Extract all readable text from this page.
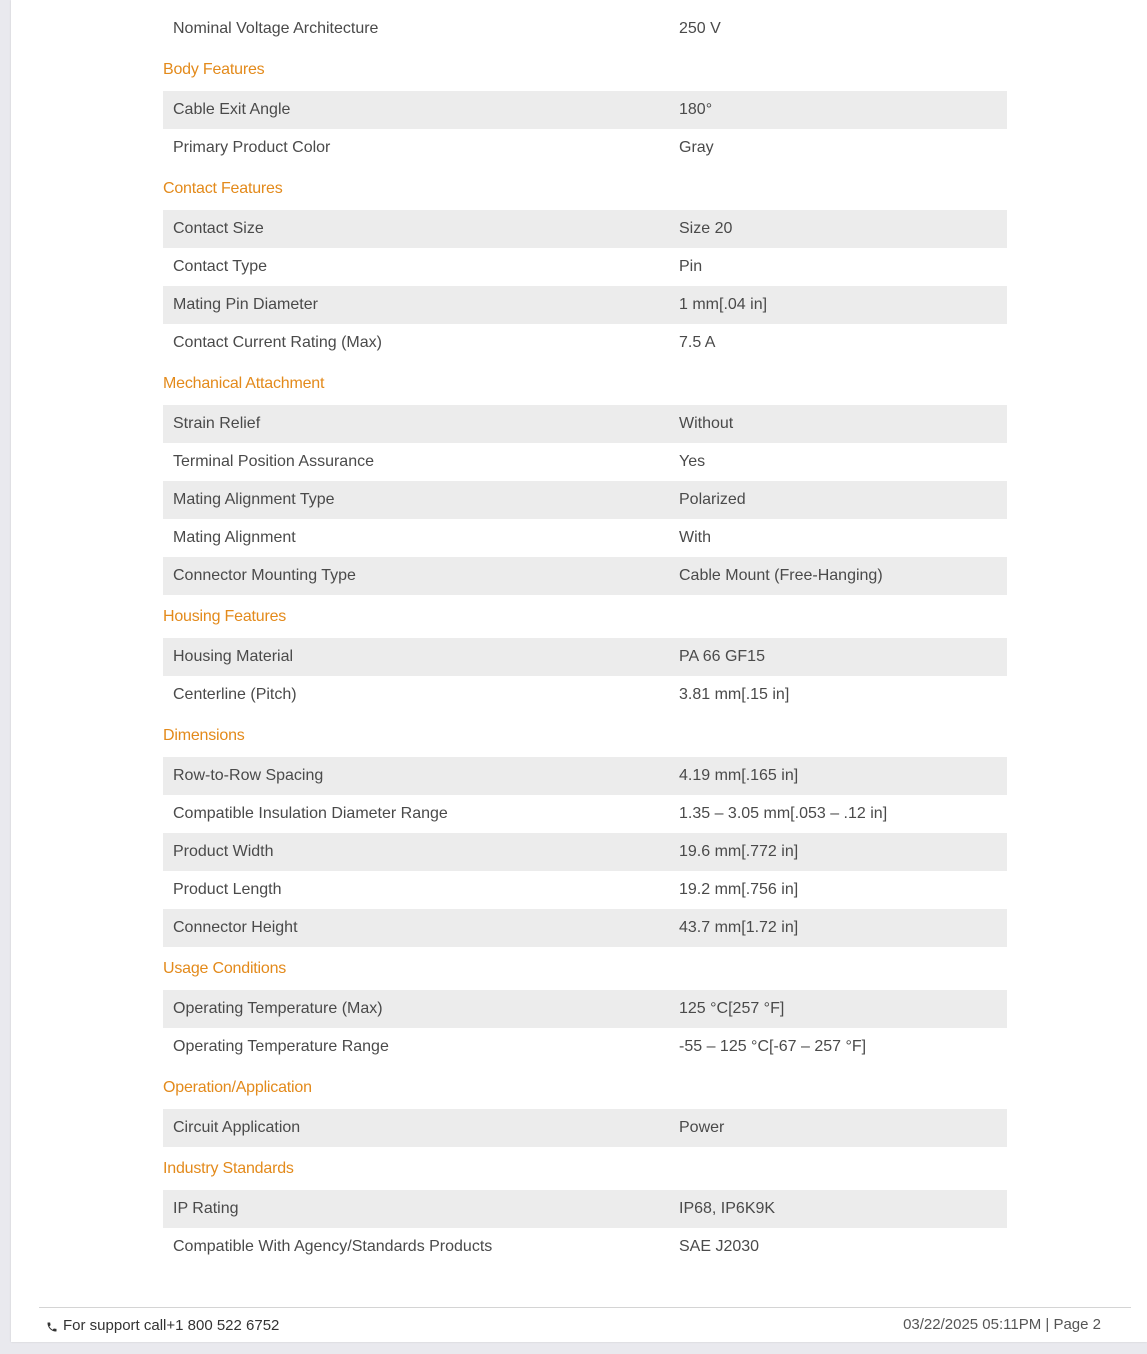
Nominal Voltage Architecture	250 V
Body Features
Cable Exit Angle	180°
Primary Product Color	Gray
Contact Features
Contact Size	Size 20
Contact Type	Pin
Mating Pin Diameter	1 mm[.04 in]
Contact Current Rating (Max)	7.5 A
Mechanical Attachment
Strain Relief	Without
Terminal Position Assurance	Yes
Mating Alignment Type	Polarized
Mating Alignment	With
Connector Mounting Type	Cable Mount (Free-Hanging)
Housing Features
Housing Material	PA 66 GF15
Centerline (Pitch)	3.81 mm[.15 in]
Dimensions
Row-to-Row Spacing	4.19 mm[.165 in]
Compatible Insulation Diameter Range	1.35 – 3.05 mm[.053 – .12 in]
Product Width	19.6 mm[.772 in]
Product Length	19.2 mm[.756 in]
Connector Height	43.7 mm[1.72 in]
Usage Conditions
Operating Temperature (Max)	125 °C[257 °F]
Operating Temperature Range	-55 – 125 °C[-67 – 257 °F]
Operation/Application
Circuit Application	Power
Industry Standards
IP Rating	IP68, IP6K9K
Compatible With Agency/Standards Products	SAE J2030
For support call+1 800 522 6752	03/22/2025 05:11PM | Page 2
